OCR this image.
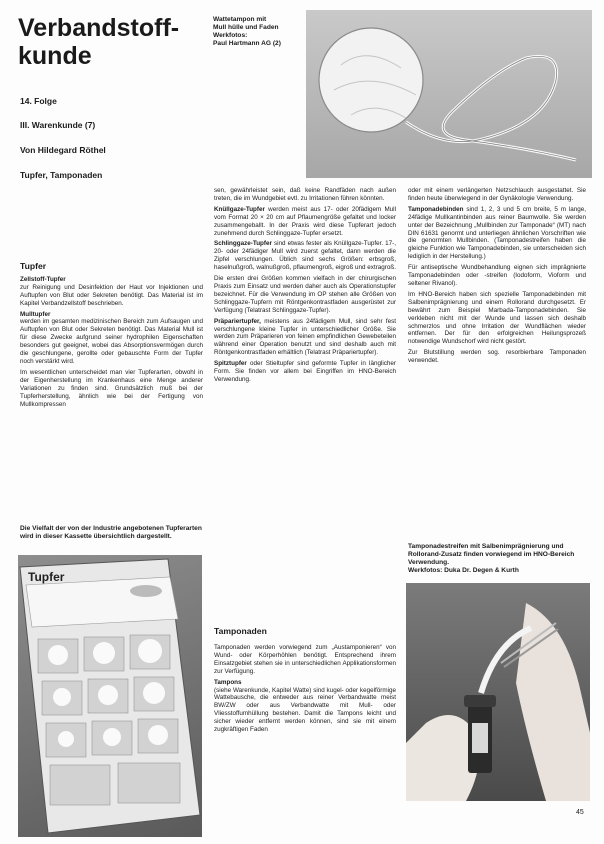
Verbandstoff-
kunde
14. Folge
III. Warenkunde (7)
Von Hildegard Röthel
Tupfer, Tamponaden
Wattetampon mit
Mull hülle und Faden
Werkfotos:
Paul Hartmann AG (2)
Tupfer
Zellstoff-Tupfer

zur Reinigung und Desinfektion der Haut vor Injektionen und Auftupfen von Blut oder Sekreten benötigt. Das Material ist im Kapitel Verbandzellstoff beschrieben.

Mulltupfer

werden im gesamten medizinischen Bereich zum Aufsaugen und Auftupfen von Blut oder Sekreten benötigt. Das Material Mull ist für diese Zwecke aufgrund seiner hydrophilen Eigenschaften besonders gut geeignet, wobei das Absorptionsvermögen durch die geschlungene, gerollte oder gebauschte Form der Tupfer noch verstärkt wird.

Im wesentlichen unterscheidet man vier Tupferarten, obwohl in der Eigenherstellung im Krankenhaus eine Menge anderer Variationen zu finden sind. Grundsätzlich muß bei der Tupferherstellung, ähnlich wie bei der Fertigung von Mullkompressen

Die Vielfalt der von der Industrie angebotenen Tupferarten wird in dieser Kassette übersichtlich dargestellt.
Tupfer

sen, gewährleistet sein, daß keine Randfäden nach außen treten, die im Wundgebiet evtl. zu Irritationen führen könnten.

Knüllgaze-Tupfer werden meist aus 17- oder 20fädigem Mull vom Format 20 × 20 cm auf Pflaumengröße gefaltet und locker zusammengeballt. In der Praxis wird diese Tupferart jedoch zunehmend durch Schlinggaze-Tupfer ersetzt.

Schlinggaze-Tupfer sind etwas fester als Knüllgaze-Tupfer. 17-, 20- oder 24fädiger Mull wird zuerst gefaltet, dann werden die Zipfel verschlungen. Üblich sind sechs Größen: erbsgroß, haselnußgroß, walnußgroß, pflaumengroß, eigroß und extragroß.

Die ersten drei Größen kommen vielfach in der chirurgischen Praxis zum Einsatz und werden daher auch als Operationstupfer bezeichnet. Für die Verwendung im OP stehen alle Größen von Schlinggaze-Tupfern mit Röntgenkontrastfaden ausgerüstet zur Verfügung (Telatrast Schlinggaze-Tupfer).

Präpariertupfer, meistens aus 24fädigem Mull, sind sehr fest verschlungene kleine Tupfer in unterschiedlicher Größe. Sie werden zum Präparieren von feinen empfindlichen Gewebeteilen während einer Operation benutzt und sind deshalb auch mit Röntgenkontrastfaden erhältlich (Telatrast Präpariertupfer).

Spitztupfer oder Stieltupfer sind geformte Tupfer in länglicher Form. Sie finden vor allem bei Eingriffen im HNO-Bereich Verwendung.

Tamponaden

Tamponaden werden vorwiegend zum „Austamponieren“ von Wund- oder Körperhöhlen benötigt. Entsprechend ihrem Einsatzgebiet stehen sie in unterschiedlichen Applikationsformen zur Verfügung.

Tampons

(siehe Warenkunde, Kapitel Watte) sind kugel- oder kegelförmige Wattebausche, die entweder aus reiner Verbandwatte meist BW/ZW oder aus Verbandwatte mit Mull- oder Vliesstoffumhüllung bestehen. Damit die Tampons leicht und sicher wieder entfernt werden können, sind sie mit einem zugkräftigen Faden

oder mit einem verlängerten Netzschlauch ausgestattet. Sie finden heute überwiegend in der Gynäkologie Verwendung.

Tamponadebinden sind 1, 2, 3 und 5 cm breite, 5 m lange, 24fädige Mullkantinbinden aus reiner Baumwolle. Sie werden unter der Bezeichnung „Mullbinden zur Tamponade“ (MT) nach DIN 61631 genormt und unterliegen ähnlichen Vorschriften wie die genormten Mullbinden. (Tamponadestreifen haben die gleiche Funktion wie Tamponadebinden, sie unterscheiden sich lediglich in der Herstellung.)

Für antiseptische Wundbehandlung eignen sich imprägnierte Tamponadebinden oder -streifen (Iodoform, Vioform und seltener Rivanol).

Im HNO-Bereich haben sich spezielle Tamponadebinden mit Salbenimprägnierung und einem Rollorand durchgesetzt. Er bewährt zum Beispiel Marbada-Tamponadebinden. Sie verkleben nicht mit der Wunde und lassen sich deshalb schmerzlos und ohne Irritation der Wundflächen wieder entfernen. Der für den erfolgreichen Heilungsprozeß notwendige Wundschorf wird nicht gestört.

Zur Blutstillung werden sog. resorbierbare Tamponaden verwendet.

Tamponadestreifen mit Salbenimprägnierung und Rollorand-Zusatz finden vorwiegend im HNO-Bereich Verwendung.
Werkfotos: Duka Dr. Degen & Kurth
45
